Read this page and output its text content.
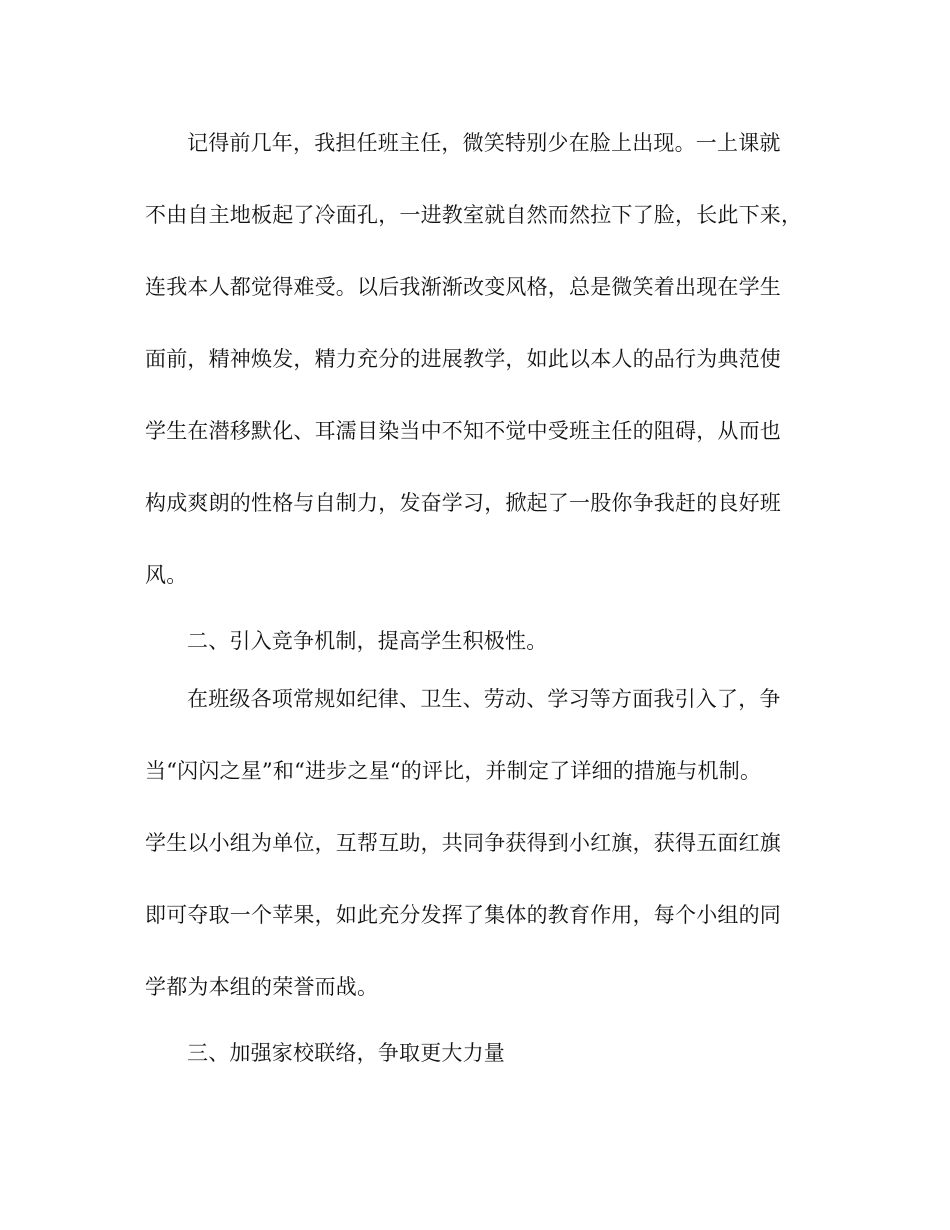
记得前几年，我担任班主任，微笑特别少在脸上出现。一上课就
不由自主地板起了冷面孔，一进教室就自然而然拉下了脸，长此下来，
连我本人都觉得难受。以后我渐渐改变风格，总是微笑着出现在学生
面前，精神焕发，精力充分的进展教学，如此以本人的品行为典范使
学生在潜移默化、耳濡目染当中不知不觉中受班主任的阻碍，从而也
构成爽朗的性格与自制力，发奋学习，掀起了一股你争我赶的良好班
风。
二、引入竞争机制，提高学生积极性。
在班级各项常规如纪律、卫生、劳动、学习等方面我引入了，争
当“闪闪之星”和“进步之星“的评比，并制定了详细的措施与机制。
学生以小组为单位，互帮互助，共同争获得到小红旗，获得五面红旗
即可夺取一个苹果，如此充分发挥了集体的教育作用，每个小组的同
学都为本组的荣誉而战。
三、加强家校联络，争取更大力量
